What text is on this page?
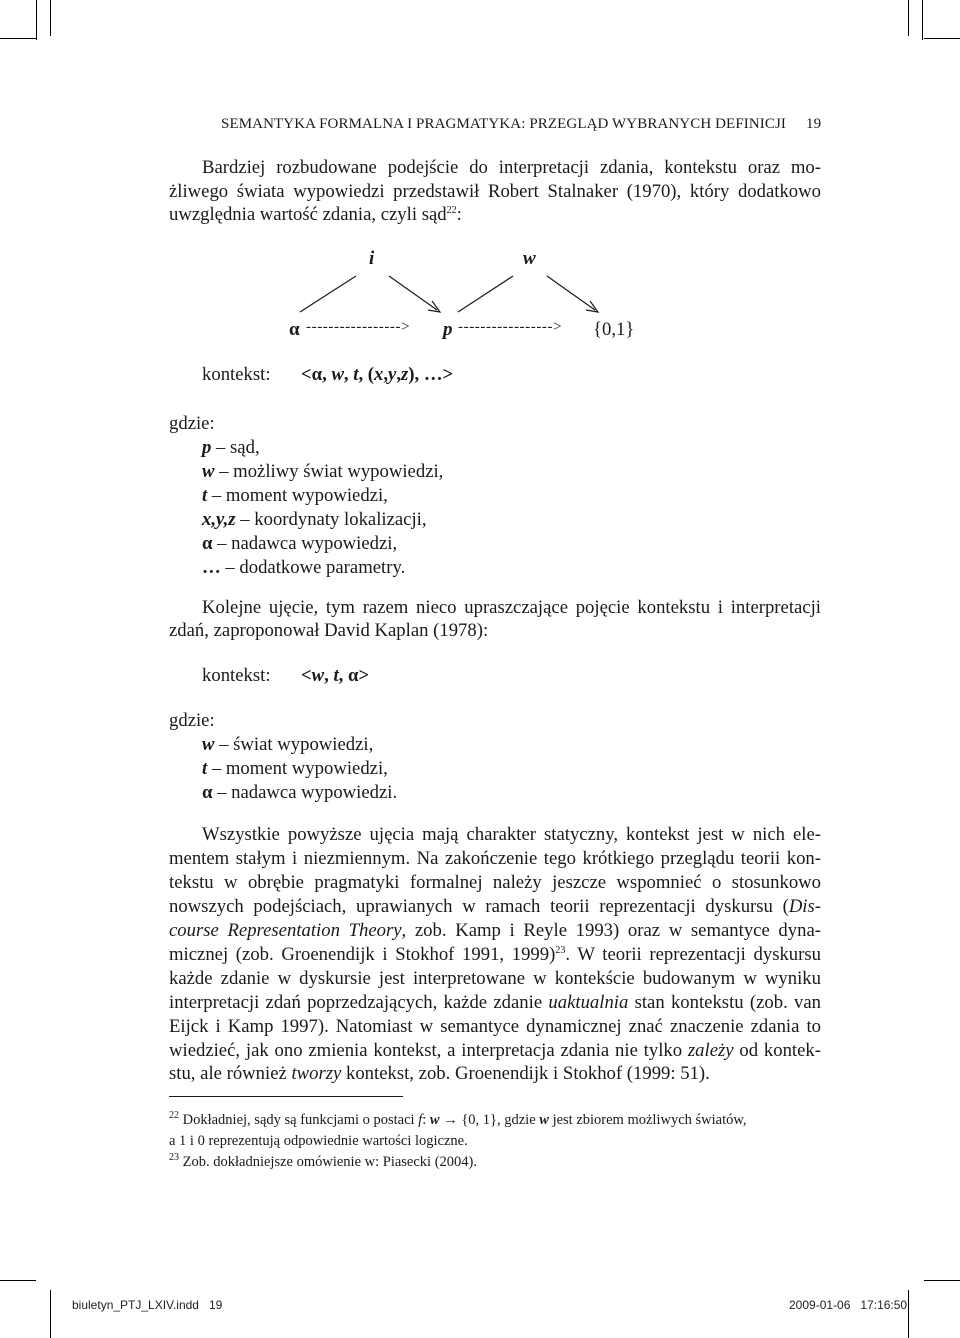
SEMANTYKA FORMALNA I PRAGMATYKA: PRZEGLĄD WYBRANYCH DEFINICJI 19
Bardziej rozbudowane podejście do interpretacji zdania, kontekstu oraz mo-
żliwego świata wypowiedzi przedstawił Robert Stalnaker (1970), który dodatkowo
uwzględnia wartość zdania, czyli sąd$^{22}$:
i	w
α -----------------> p -----------------> {0,1}
kontekst: <α, w, t, (x,y,z), …>
gdzie:
p – sąd,
w – możliwy świat wypowiedzi,
t – moment wypowiedzi,
x,y,z – koordynaty lokalizacji,
α – nadawca wypowiedzi,
… – dodatkowe parametry.
Kolejne ujęcie, tym razem nieco upraszczające pojęcie kontekstu i interpretacji
zdań, zaproponował David Kaplan (1978):
kontekst: <w, t, α>
gdzie:
w – świat wypowiedzi,
t – moment wypowiedzi,
α – nadawca wypowiedzi.
Wszystkie powyższe ujęcia mają charakter statyczny, kontekst jest w nich ele-
mentem stałym i niezmiennym. Na zakończenie tego krótkiego przeglądu teorii kon-
tekstu w obrębie pragmatyki formalnej należy jeszcze wspomnieć o stosunkowo
nowszych podejściach, uprawianych w ramach teorii reprezentacji dyskursu (Dis-
course Representation Theory, zob. Kamp i Reyle 1993) oraz w semantyce dyna-
micznej (zob. Groenendijk i Stokhof 1991, 1999)$^{23}$. W teorii reprezentacji dyskursu
każde zdanie w dyskursie jest interpretowane w kontekście budowanym w wyniku
interpretacji zdań poprzedzających, każde zdanie uaktualnia stan kontekstu (zob. van
Eijck i Kamp 1997). Natomiast w semantyce dynamicznej znać znaczenie zdania to
wiedzieć, jak ono zmienia kontekst, a interpretacja zdania nie tylko zależy od kontek-
stu, ale również tworzy kontekst, zob. Groenendijk i Stokhof (1999: 51).
$^{22}$ Dokładniej, sądy są funkcjami o postaci f: w → {0, 1}, gdzie w jest zbiorem możliwych światów,
a 1 i 0 reprezentują odpowiednie wartości logiczne.
$^{23}$ Zob. dokładniejsze omówienie w: Piasecki (2004).
biuletyn_PTJ_LXIV.indd   19	2009-01-06   17:16:50
